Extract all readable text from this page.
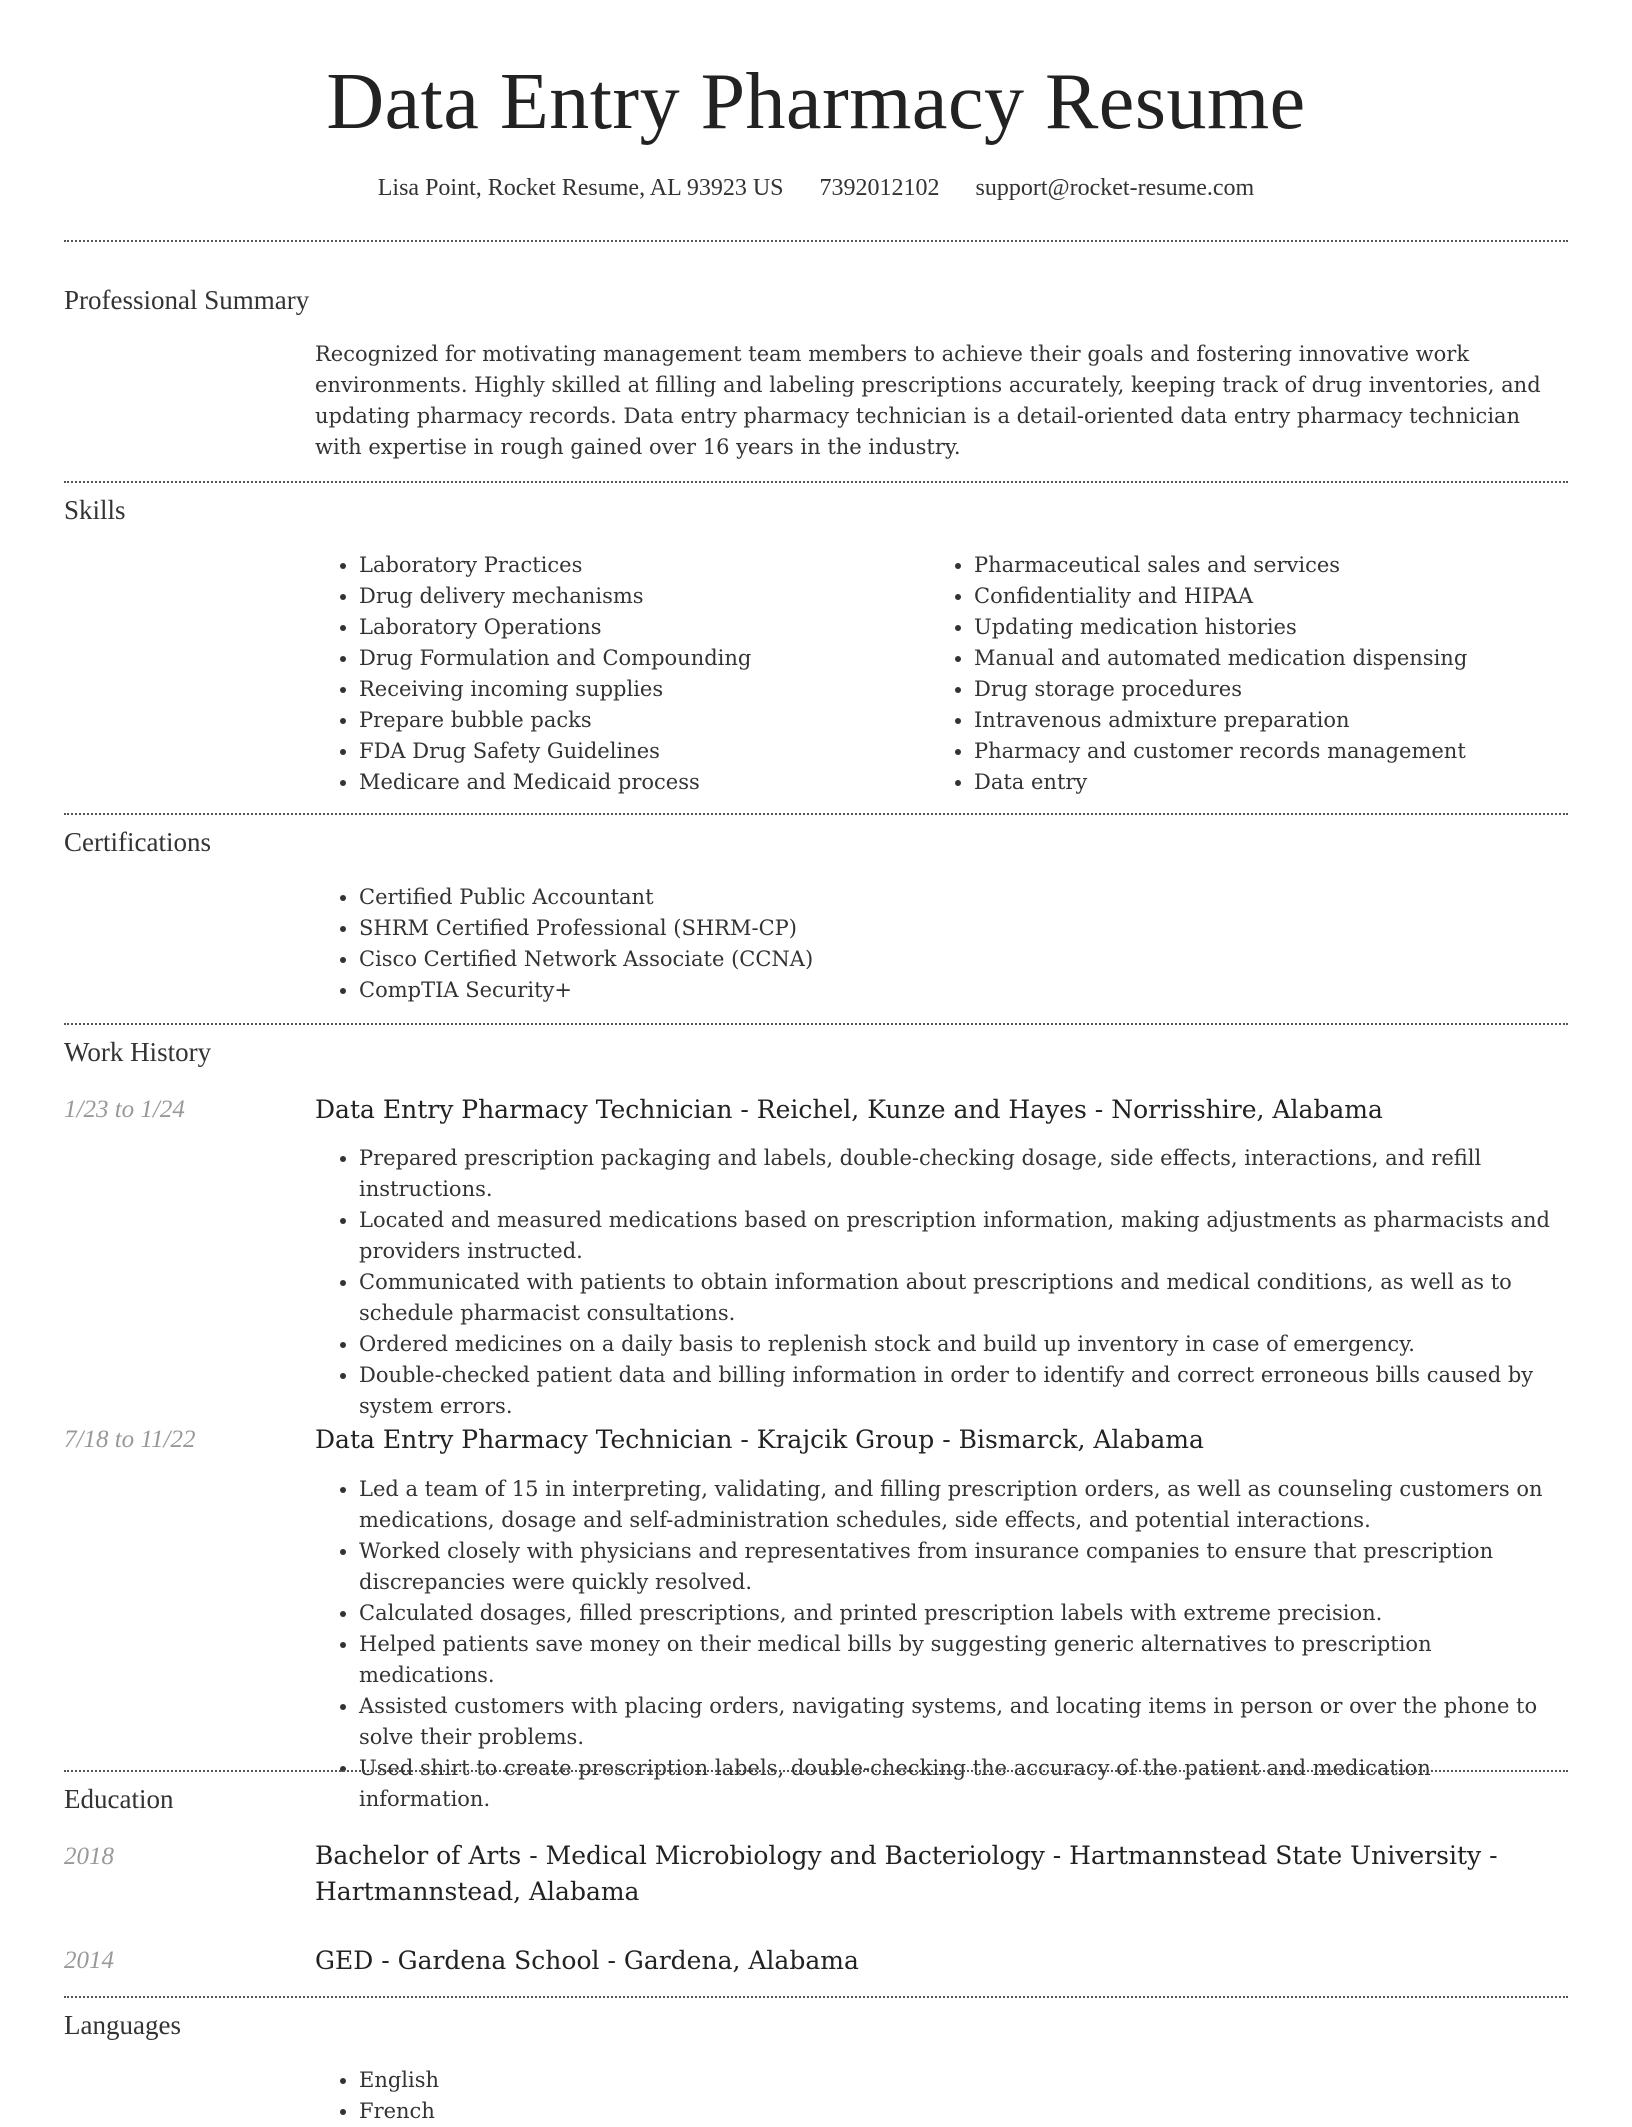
Data Entry Pharmacy Resume
Lisa Point, Rocket Resume, AL 93923 US 7392012102 support@rocket-resume.com
Professional Summary
Recognized for motivating management team members to achieve their goals and fostering innovative work environments. Highly skilled at filling and labeling prescriptions accurately, keeping track of drug inventories, and updating pharmacy records. Data entry pharmacy technician is a detail-oriented data entry pharmacy technician with expertise in rough gained over 16 years in the industry.
Skills
• Laboratory Practices
• Drug delivery mechanisms
• Laboratory Operations
• Drug Formulation and Compounding
• Receiving incoming supplies
• Prepare bubble packs
• FDA Drug Safety Guidelines
• Medicare and Medicaid process
• Pharmaceutical sales and services
• Confidentiality and HIPAA
• Updating medication histories
• Manual and automated medication dispensing
• Drug storage procedures
• Intravenous admixture preparation
• Pharmacy and customer records management
• Data entry
Certifications
• Certified Public Accountant
• SHRM Certified Professional (SHRM-CP)
• Cisco Certified Network Associate (CCNA)
• CompTIA Security+
Work History
1/23 to 1/24	Data Entry Pharmacy Technician - Reichel, Kunze and Hayes - Norrisshire, Alabama
• Prepared prescription packaging and labels, double-checking dosage, side effects, interactions, and refill instructions.
• Located and measured medications based on prescription information, making adjustments as pharmacists and providers instructed.
• Communicated with patients to obtain information about prescriptions and medical conditions, as well as to schedule pharmacist consultations.
• Ordered medicines on a daily basis to replenish stock and build up inventory in case of emergency.
• Double-checked patient data and billing information in order to identify and correct erroneous bills caused by system errors.
7/18 to 11/22	Data Entry Pharmacy Technician - Krajcik Group - Bismarck, Alabama
• Led a team of 15 in interpreting, validating, and filling prescription orders, as well as counseling customers on medications, dosage and self-administration schedules, side effects, and potential interactions.
• Worked closely with physicians and representatives from insurance companies to ensure that prescription discrepancies were quickly resolved.
• Calculated dosages, filled prescriptions, and printed prescription labels with extreme precision.
• Helped patients save money on their medical bills by suggesting generic alternatives to prescription medications.
• Assisted customers with placing orders, navigating systems, and locating items in person or over the phone to solve their problems.
• Used shirt to create prescription labels, double-checking the accuracy of the patient and medication information.
Education
2018	Bachelor of Arts - Medical Microbiology and Bacteriology - Hartmannstead State University - Hartmannstead, Alabama
2014	GED - Gardena School - Gardena, Alabama
Languages
• English
• French
